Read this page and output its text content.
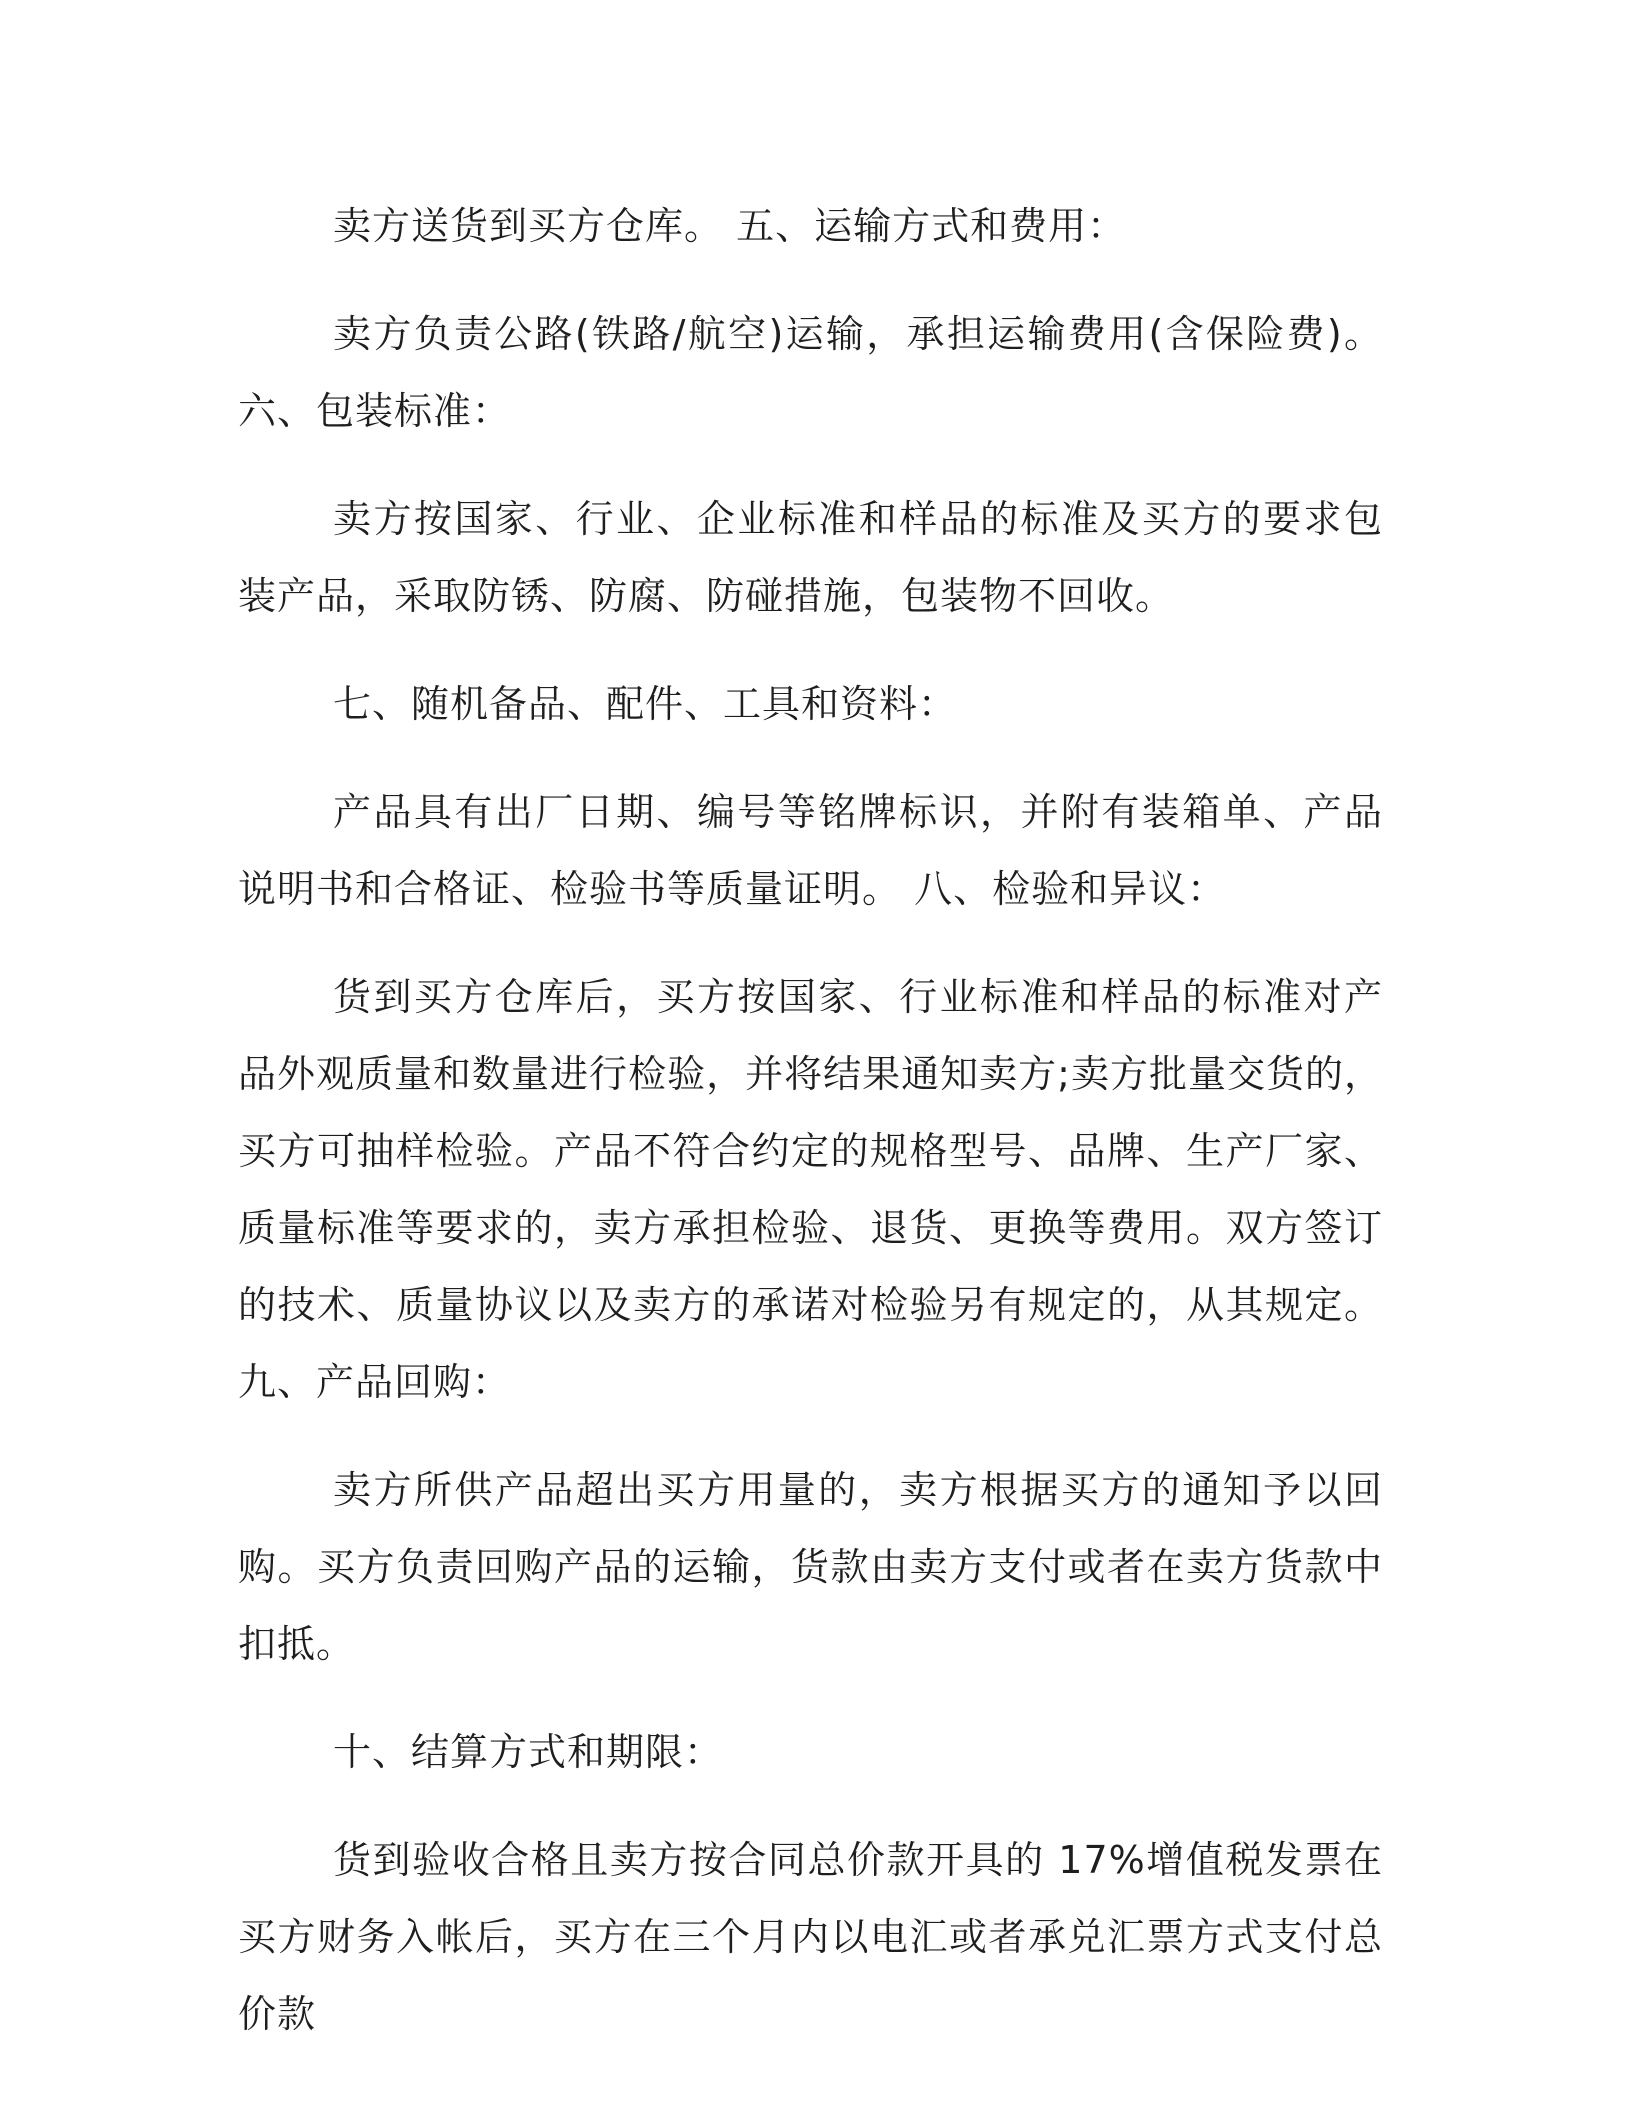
卖方送货到买方仓库。 五、运输方式和费用：

卖方负责公路(铁路/航空)运输，承担运输费用(含保险费)。 六、包装标准：

卖方按国家、行业、企业标准和样品的标准及买方的要求包装产品，采取防锈、防腐、防碰措施，包装物不回收。

七、随机备品、配件、工具和资料：

产品具有出厂日期、编号等铭牌标识，并附有装箱单、产品说明书和合格证、检验书等质量证明。 八、检验和异议：

货到买方仓库后，买方按国家、行业标准和样品的标准对产品外观质量和数量进行检验，并将结果通知卖方;卖方批量交货的，买方可抽样检验。产品不符合约定的规格型号、品牌、生产厂家、质量标准等要求的，卖方承担检验、退货、更换等费用。双方签订的技术、质量协议以及卖方的承诺对检验另有规定的，从其规定。 九、产品回购：

卖方所供产品超出买方用量的，卖方根据买方的通知予以回购。买方负责回购产品的运输，货款由卖方支付或者在卖方货款中扣抵。

十、结算方式和期限：

货到验收合格且卖方按合同总价款开具的 17%增值税发票在买方财务入帐后，买方在三个月内以电汇或者承兑汇票方式支付总价款
